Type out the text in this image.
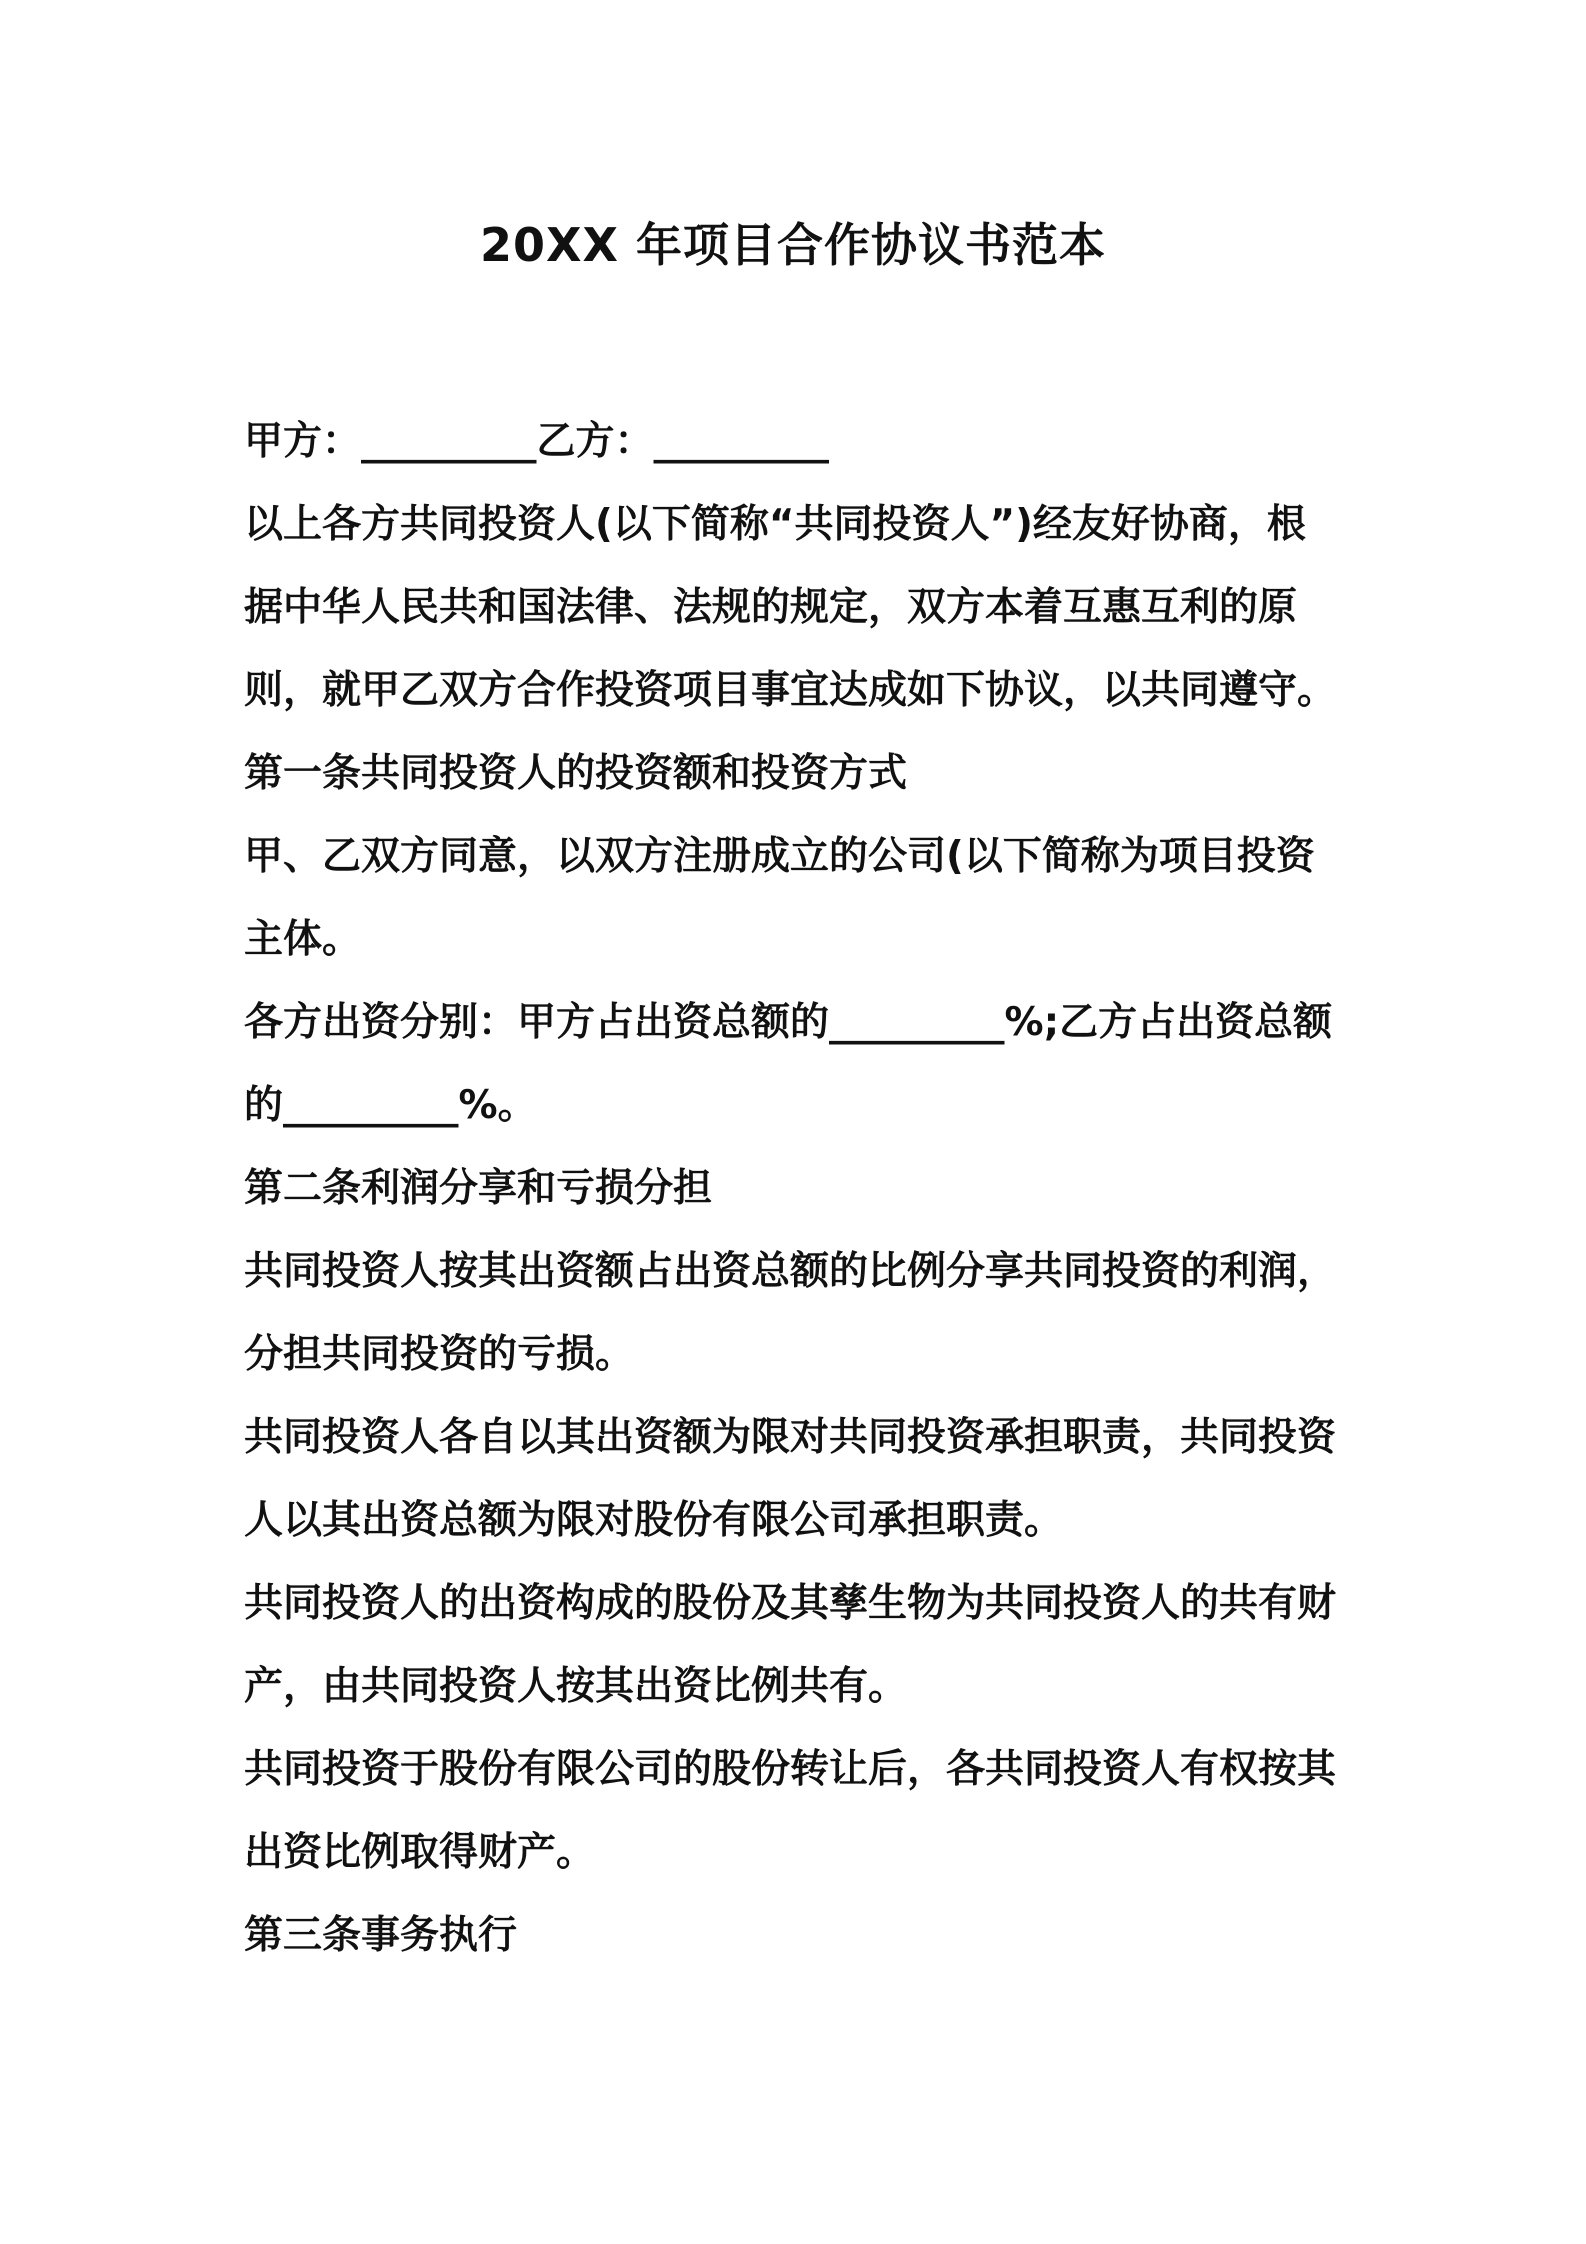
20XX 年项目合作协议书范本

甲方：_________乙方：_________

以上各方共同投资人(以下简称“共同投资人”)经友好协商，根据中华人民共和国法律、法规的规定，双方本着互惠互利的原则，就甲乙双方合作投资项目事宜达成如下协议，以共同遵守。第一条共同投资人的投资额和投资方式

甲、乙双方同意，以双方注册成立的公司(以下简称为项目投资主体。

各方出资分别：甲方占出资总额的_________%;乙方占出资总额的_________%。

第二条利润分享和亏损分担

共同投资人按其出资额占出资总额的比例分享共同投资的利润，分担共同投资的亏损。

共同投资人各自以其出资额为限对共同投资承担职责，共同投资人以其出资总额为限对股份有限公司承担职责。

共同投资人的出资构成的股份及其孳生物为共同投资人的共有财产，由共同投资人按其出资比例共有。

共同投资于股份有限公司的股份转让后，各共同投资人有权按其出资比例取得财产。

第三条事务执行
